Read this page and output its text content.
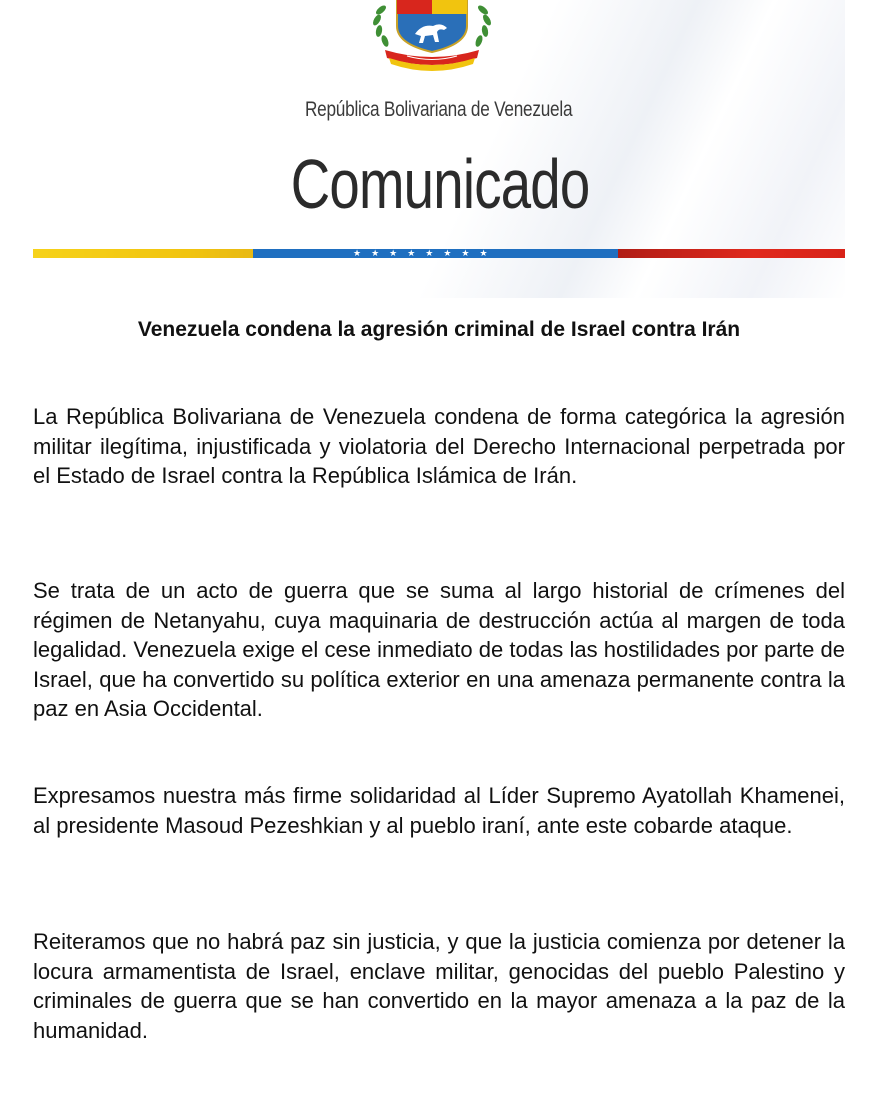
República Bolivariana de Venezuela
Comunicado
★★★★★★★★
Venezuela condena la agresión criminal de Israel contra Irán

La República Bolivariana de Venezuela condena de forma categórica la agresión militar ilegítima, injustificada y violatoria del Derecho Internacional perpetrada por el Estado de Israel contra la República Islámica de Irán.

Se trata de un acto de guerra que se suma al largo historial de crímenes del régimen de Netanyahu, cuya maquinaria de destrucción actúa al margen de toda legalidad. Venezuela exige el cese inmediato de todas las hostilidades por parte de Israel, que ha convertido su política exterior en una amenaza permanente contra la paz en Asia Occidental.

Expresamos nuestra más firme solidaridad al Líder Supremo Ayatollah Khamenei, al presidente Masoud Pezeshkian y al pueblo iraní, ante este cobarde ataque.

Reiteramos que no habrá paz sin justicia, y que la justicia comienza por detener la locura armamentista de Israel, enclave militar, genocidas del pueblo Palestino y criminales de guerra que se han convertido en la mayor amenaza a la paz de la humanidad.
